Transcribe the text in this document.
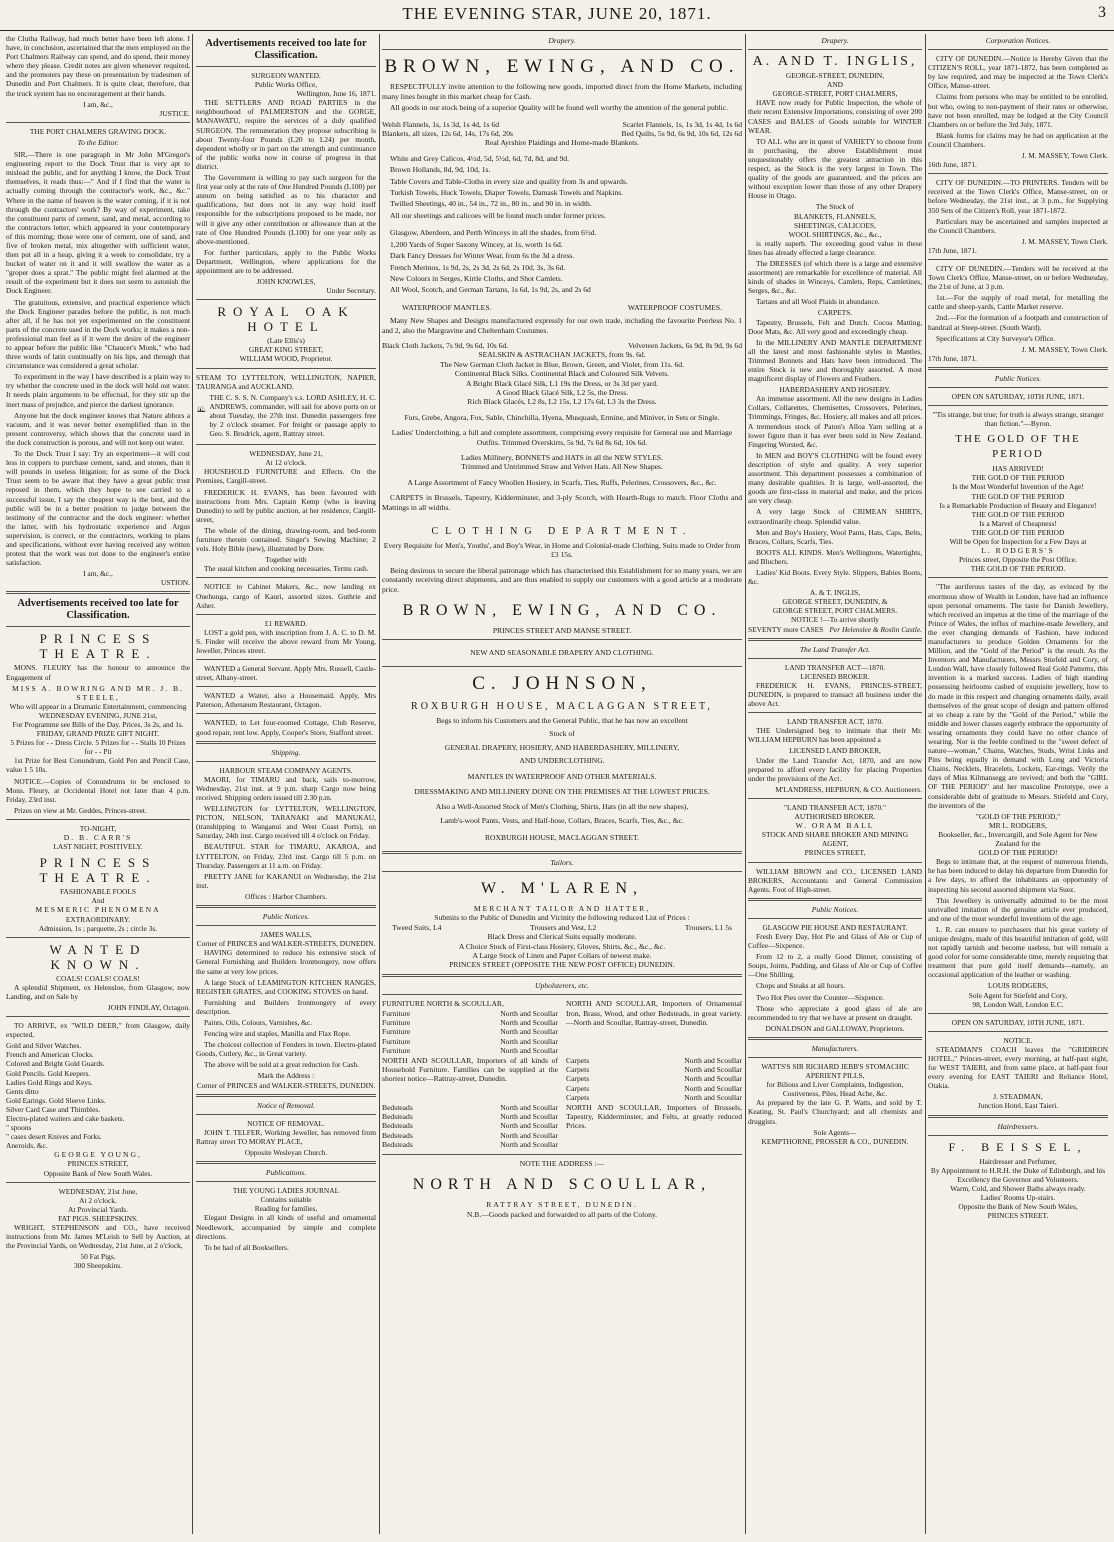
THE EVENING STAR, JUNE 20, 1871.	3

the Clutha Railway, had much better have been left alone. I have, in conclusion, ascertained that the men employed on the Port Chalmers Railway can spend, and do spend, their money where they please. Credit notes are given whenever required, and the promoters pay these on presentation by tradesmen of Dunedin and Port Chalmers. It is quite clear, therefore, that the truck system has no encouragement at their hands.

I am, &c.,
JUSTICE.
THE PORT CHALMERS GRAVING DOCK.
To the Editor.

SIR,—There is one paragraph in Mr John M'Gregor's engineering report to the Dock Trust that is very apt to mislead the public, and for anything I know, the Dock Trust themselves, it reads thus:—" And if I find that the water is actually coming through the contractor's work, &c., &c." Where in the name of heaven is the water coming, if it is not through the contractors' work? By way of experiment, take the constituent parts of cement, sand, and metal, according to the contractors letter, which appeared in your contemporary of this morning; those were one of cement, one of sand, and five of broken metal, mix altogether with sufficient water, then put all in a heap, giving it a week to consolidate, try a bucket of water on it and it will swallow the water as a "groper does a sprat." The public might feel alarmed at the result of the experiment but it does not seem to astonish the Dock Engineer.

The gratuitous, extensive, and practical experience which the Dock Engineer parades before the public, is not much after all, if he has not yet experimented on the constituent parts of the concrete used in the Dock works; it makes a non-professional man feel as if it were the desire of the engineer to appear before the public like "Chaucer's Monk," who had three words of latin continually on his lips, and through that circumstance was considered a great scholar.

To experiment in the way I have described is a plain way to try whether the concrete used in the dock will hold out water. It needs plain arguments to be effectual, for they stir up the inert mass of prejudice, and pierce the darkest ignorance.

Anyone but the dock engineer knows that Nature abhors a vacuum, and it was never better exemplified than in the present controversy, which shows that the concrete used in the dock construction is porous, and will not keep out water.

To the Dock Trust I say: Try an experiment—it will cost less in coppers to purchase cement, sand, and stones, than it will pounds in useless litigation; for as some of the Dock Trust seem to be aware that they have a great public trust reposed in them, which they hope to see carried to a successful issue, I say the cheapest way is the best, and the public will be in a better position to judge between the testimony of the contractor and the dock engineer: whether the latter, with his hydrostatic experience and Argus supervision, is correct, or the contractors, working to plans and specifications, without ever having received any written protest that the work was not done to the engineer's entire satisfaction.

I am, &c.,
USTION.
Advertisements received too late for Classification.
PRINCESS THEATRE.

MONS. FLEURY has the honour to announce the Engagement of

MISS A. BOWRING AND MR. J. B. STEELE,
Who will appear in a Dramatic Entertainment, commencing
WEDNESDAY EVENING, JUNE 21st,
For Programme see Bills of the Day. Prices, 3s 2s, and 1s.
FRIDAY, GRAND PRIZE GIFT NIGHT.
5 Prizes for - - Dress Circle. 5 Prizes for - - Stalls 10 Prizes for - - Pit

1st Prize for Best Conundrum, Gold Pen and Pencil Case, value 1 5 10s.

NOTICE.—Copies of Conundrums to be enclosed to Mons. Fleury, at Occidental Hotel not later than 4 p.m. Friday, 23rd inst.

Prizes on view at Mr. Geddes, Princes-street.

TO-NIGHT,
D. B. CARR'S
LAST NIGHT, POSITIVELY.
PRINCESS THEATRE.
FASHIONABLE FOOLS
And
MESMERIC PHENOMENA
EXTRAORDINARY.
Admission, 1s ; parquette, 2s ; circle 3s.
WANTED KNOWN.
COALS! COALS! COALS!

A splendid Shipment, ex Helensloe, from Glasgow, now Landing, and on Sale by

JOHN FINDLAY, Octagon.

TO ARRIVE, ex "WILD DEER," from Glasgow, daily expected,

Gold and Silver Watches.
French and American Clocks.
Colored and Bright Gold Guards.
Gold Pencils. Gold Keepers.
Ladies Gold Rings and Keys.
Gents ditto
Gold Earings. Gold Sleeve Links.
Silver Card Case and Thimbles.
Electro-plated waiters and cake baskets.
" spoons
" cases desert Knives and Forks.
Aneroids, &c.
GEORGE YOUNG,
PRINCES STREET,
Opposite Bank of New South Wales.
WEDNESDAY, 21st June,
At 2 o'clock.
At Provincial Yards.
FAT PIGS. SHEEPSKINS.

WRIGHT, STEPHENSON and CO., have received instructions from Mr. James M'Leish to Sell by Auction, at the Provincial Yards, on Wednesday, 21st June, at 2 o'clock,

50 Fat Pigs.
300 Sheepskins.
Advertisements received too late for Classification.
SURGEON WANTED.
Public Works Office,
Wellington, June 16, 1871.

THE SETTLERS AND ROAD PARTIES in the neighbourhood of PALMERSTON and the GORGE, MANAWATU, require the services of a duly qualified SURGEON. The remuneration they propose subscribing is about Twenty-four Pounds (L20 to L24) per month, dependent wholly or in part on the strength and continuance of the public works now in course of progress in that district.

The Government is willing to pay such surgeon for the first year only at the rate of One Hundred Pounds (L100) per annum on being satisfied as to his character and qualifications, but does not in any way hold itself responsible for the subscriptions proposed to be made, nor will it give any other contribution or allowance than at the rate of One Hundred Pounds (L100) for one year only as above-mentioned.

For further particulars, apply to the Public Works Department, Wellington, where applications for the appointment are to be addressed.

JOHN KNOWLES,
Under Secretary.
ROYAL OAK HOTEL
(Late Ellis's)
GREAT KING STREET,
WILLIAM WOOD, Proprietor.

STEAM TO LYTTELTON, WELLINGTON, NAPIER, TAURANGA and AUCKLAND.

THE C. S. S. N. Company's s.s. LORD ASHLEY, H. C. ANDREWS, commander, will sail for above ports on or about Tuesday, the 27th inst. Dunedin passengers free by 2 o'clock steamer. For freight or passage apply to Geo. S. Brodrick, agent, Rattray street.

WEDNESDAY, June 21,
At 12 o'clock.

HOUSEHOLD FURNITURE and Effects. On the Premises, Cargill-street.

FREDERICK H. EVANS, has been favoured with instructions from Mrs. Captain Kemp (who is leaving Dunedin) to sell by public auction, at her residence, Cargill-street,

The whole of the dining, drawing-room, and bed-room furniture therein contained. Singer's Sewing Machine; 2 vols. Holy Bible (new), illustrated by Dore.

Together with

The usual kitchen and cooking necessaries. Terms cash.

NOTICE to Cabinet Makers, &c., now landing ex Onehunga, cargo of Kauri, assorted sizes. Guthrie and Asher.

£1 REWARD.

LOST a gold pen, with inscription from J. A. C. to D. M. S. Finder will receive the above reward from Mr Young, Jeweller, Princes street.

WANTED a General Servant. Apply Mrs. Russell, Castle-street, Albany-street.

WANTED a Waiter, also a Housemaid. Apply, Mrs Paterson, Athenæum Restaurant, Octagon.

WANTED, to Let four-roomed Cottage, Club Reserve, good repair, rent low. Apply, Cooper's Store, Stafford street.

Shipping.
HARBOUR STEAM COMPANY AGENTS.

MAORI, for TIMARU and back, sails to-morrow, Wednesday, 21st inst. at 9 p.m. sharp Cargo now being received. Shipping orders issued till 2.30 p.m.

WELLINGTON for LYTTELTON, WELLINGTON, PICTON, NELSON, TARANAKI and MANUKAU, (transhipping to Wanganui and West Coast Ports), on Saturday, 24th inst. Cargo received till 4 o'clock on Friday.

BEAUTIFUL STAR for TIMARU, AKAROA, and LYTTELTON, on Friday, 23rd inst. Cargo till 5 p.m. on Thursday. Passengers at 11 a.m. on Friday.

PRETTY JANE for KAKANUI on Wednesday, the 21st inst.

Offices : Harbor Chambers.
Public Notices.
JAMES WALLS,
Corner of PRINCES and WALKER-STREETS, DUNEDIN.

HAVING determined to reduce his extensive stock of General Furnishing and Builders Ironmongery, now offers the same at very low prices.

A large Stock of LEAMINGTON KITCHEN RANGES, REGISTER GRATES, and COOKING STOVES on hand.

Furnishing and Builders Ironmongery of every description.

Paints, Oils, Colours, Varnishes, &c.

Fencing wire and staples, Manilla and Flax Rope.

The choicest collection of Fenders in town. Electro-plated Goods, Cutlery, &c., in Great variety.

The above will be sold at a great reduction for Cash.

Mark the Address :
Corner of PRINCES and WALKER-STREETS, DUNEDIN.
Notice of Removal.
NOTICE OF REMOVAL.

JOHN T. TELFER, Working Jeweller, has removed from Rattray street TO MORAY PLACE,

Opposite Wesleyan Church.
Publications.
THE YOUNG LADIES JOURNAL
Contains suitable
Reading for families,

Elegant Designs in all kinds of useful and ornamental Needlework, accompanied by simple and complete directions.

To be had of all Booksellers.

Drapery.
BROWN, EWING, AND CO.

RESPECTFULLY invite attention to the following new goods, imported direct from the Home Markets, including many lines bought in this market cheap for Cash.

All goods in our stock being of a superior Quality will be found well worthy the attention of the general public.

Welsh Flannels, 1s, 1s 3d, 1s 4d, 1s 6d	Scarlet Flannels, 1s, 1s 3d, 1s 4d, 1s 6d
Blankets, all sizes, 12s 6d, 14s, 17s 6d, 20s	Bed Quilts, 5s 9d, 6s 9d, 10s 6d, 12s 6d
Real Ayrshire Plaidings and Home-made Blankets.

White and Grey Calicos, 4½d, 5d, 5½d, 6d, 7d, 8d, and 9d.

Brown Hollands, 8d, 9d, 10d, 1s.

Table Covers and Table-Cloths in every size and quality from 3s and upwards.

Turkish Towels, Huck Towels, Diaper Towels, Damask Towels and Napkins.

Twilled Sheetings, 40 in., 54 in., 72 in., 80 in., and 90 in. in width.

All our sheetings and calicoes will be found much under former prices.

Glasgow, Aberdeen, and Perth Winceys in all the shades, from 6½d.

1,200 Yards of Super Saxony Wincey, at 1s, worth 1s 6d.

Dark Fancy Dresses for Winter Wear, from 6s the 3d a dress.

French Merinos, 1s 9d, 2s, 2s 3d, 2s 6d, 2s 10d, 3s, 3s 6d.

New Colours in Serges, Kirtle Cloths, and Shot Camlets.

All Wool, Scotch, and German Tartans, 1s 6d, 1s 9d, 2s, and 2s 6d

WATERPROOF MANTLES.	WATERPROOF COSTUMES.

Many New Shapes and Designs manufactured expressly for our own trade, including the favourite Peerless No. 1 and 2, also the Margravine and Cheltenham Costumes.

Black Cloth Jackets, 7s 9d, 9s 6d, 10s 6d.	Velveteen Jackets, 6s 9d, 8s 9d, 9s 6d
SEALSKIN & ASTRACHAN JACKETS, from 9s. 6d.
The New German Cloth Jacket in Blue, Brown, Green, and Violet, from 11s. 6d.
Continental Black Silks. Continental Black and Coloured Silk Velvets.
A Bright Black Glacé Silk, L1 19s the Dress, or 3s 3d per yard.
A Good Black Glacé Silk, L2 5s, the Dress.
Rich Black Glacés, L2 8s, L2 15s, L2 17s 6d, L3 3s the Dress.
Furs, Grebe, Angora, Fox, Sable, Chinchilla, Hyena, Musquash, Ermine, and Miniver, in Sets or Single.
Ladies' Underclothing, a full and complete assortment, comprising every requisite for General use and Marriage Outfits. Trimmed Overskirts, 5s 9d, 7s 6d 8s 6d, 10s 6d.
Ladies Millinery, BONNETS and HATS in all the NEW STYLES.
Trimmed and Untrimmed Straw and Velvet Hats. All New Shapes.
A Large Assortment of Fancy Woollen Hosiery, in Scarfs, Ties, Ruffs, Pelerines, Crossovers, &c., &c.

CARPETS in Brussels, Tapestry, Kidderminster, and 3-ply Scotch, with Hearth-Rugs to match. Floor Cloths and Mattings in all widths.

CLOTHING DEPARTMENT.
Every Requisite for Men's, Youths', and Boy's Wear, in Home and Colonial-made Clothing, Suits made to Order from £3 15s.

Being desirous to secure the liberal patronage which has characterised this Establishment for so many years, we are constantly receiving direct shipments, and are thus enabled to supply our customers with a good article at a moderate price.

BROWN, EWING, AND CO.
PRINCES STREET AND MANSE STREET.
NEW AND SEASONABLE DRAPERY AND CLOTHING.
C. JOHNSON,
ROXBURGH HOUSE, MACLAGGAN STREET,
Begs to inform his Customers and the General Public, that he has now an excellent
Stock of
GENERAL DRAPERY, HOSIERY, AND HABERDASHERY, MILLINERY,
AND UNDERCLOTHING.
MANTLES IN WATERPROOF AND OTHER MATERIALS.
DRESSMAKING AND MILLINERY DONE ON THE PREMISES AT THE LOWEST PRICES.
Also a Well-Assorted Stock of Men's Clothing, Shirts, Hats (in all the new shapes),
Lamb's-wool Pants, Vests, and Half-hose, Collars, Braces, Scarfs, Ties, &c., &c.
ROXBURGH HOUSE, MACLAGGAN STREET.
Tailors.
W. M'LAREN,
MERCHANT TAILOR AND HATTER,
Submits to the Public of Dunedin and Vicinity the following reduced List of Prices :
Tweed Suits, L4	Trousers and Vest, L2	Trousers, L1 5s
Black Dress and Clerical Suits equally moderate.
A Choice Stock of First-class Hosiery, Gloves, Shirts, &c., &c., &c.
A Large Stock of Linen and Paper Collars of newest make.
PRINCES STREET (OPPOSITE THE NEW POST OFFICE) DUNEDIN.
Upholsterers, etc.
FURNITURE NORTH & SCOULLAR,
Furniture	North and Scoullar
Furniture	North and Scoullar
Furniture	North and Scoullar
Furniture	North and Scoullar
Furniture	North and Scoullar

NORTH AND SCOULLAR, Importers of Ornamental Iron, Brass, Wood, and other Bedsteads, in great variety.—North and Scoullar, Rattray-street, Dunedin.

NORTH AND SCOULLAR, Importers of all kinds of Household Furniture. Families can be supplied at the shortest notice—Rattray-street, Dunedin.

Carpets	North and Scoullar
Carpets	North and Scoullar
Carpets	North and Scoullar
Carpets	North and Scoullar
Carpets	North and Scoullar
Bedsteads	North and Scoullar
Bedsteads	North and Scoullar
Bedsteads	North and Scoullar
Bedsteads	North and Scoullar
Bedsteads	North and Scoullar

NORTH AND SCOULLAR, Importers of Brussels, Tapestry, Kidderminster, and Felts, at greatly reduced Prices.

NOTE THE ADDRESS :—
NORTH AND SCOULLAR,
RATTRAY STREET, DUNEDIN.
N.B.—Goods packed and forwarded to all parts of the Colony.
Drapery.
A. AND T. INGLIS,
GEORGE-STREET, DUNEDIN,
AND
GEORGE-STREET, PORT CHALMERS,

HAVE now ready for Public Inspection, the whole of their recent Extensive Importations, consisting of over 200 CASES and BALES of Goods suitable for WINTER WEAR.

TO ALL who are in quest of VARIETY to choose from in purchasing, the above Establishment must unquestionably offers the greatest attraction in this respect, as the Stock is the very largest in Town. The quality of the goods are guaranteed, and the prices are without exception lower than those of any other Drapery House in Otago.

The Stock of
BLANKETS, FLANNELS,
SHEETINGS, CALICOES,
WOOL SHIRTINGS, &c., &c.,

is really superb. The exceeding good value in these lines has already effected a large clearance.

The DRESSES (of which there is a large and extensive assortment) are remarkable for excellence of material. All kinds of shades in Winceys, Camlets, Reps, Camletines, Serges, &c., &c.

Tartans and all Wool Plaids in abundance.

CARPETS.

Tapestry, Brussels, Felt and Dutch. Cocoa Matting, Door Mats, &c. All very good and exceedingly cheap.

In the MILLINERY AND MANTLE DEPARTMENT all the latest and most fashionable styles in Mantles, Trimmed Bonnets and Hats have been introduced. The entire Stock is new and thoroughly assorted. A most magnificent display of Flowers and Feathers.

HABERDASHERY AND HOSIERY.

An immense assortment. All the new designs in Ladies Collars, Collarettes, Chemisettes, Crossovers, Pelerines, Trimmings, Fringes, &c. Hosiery, all makes and all prices. A tremendous stock of Paton's Alloa Yarn selling at a lower figure than it has ever been sold in New Zealand. Fingering Worsted, &c.

In MEN and BOY'S CLOTHING will be found every description of style and quality. A very superior assortment. This department possesses a combination of many desirable qualities. It is large, well-assorted, the goods are first-class in material and make, and the prices are very cheap.

A very large Stock of CRIMEAN SHIRTS, extraordinarily cheap. Splendid value.

Men and Boy's Hosiery, Wool Pants, Hats, Caps, Belts, Braces, Collars, Scarfs, Ties.

BOOTS ALL KINDS. Men's Wellingtons, Watertights, and Bluchers.

Ladies' Kid Boots. Every Style. Slippers, Babies Boots, &c.

A. & T. INGLIS,
GEORGE STREET, DUNEDIN, &
GEORGE STREET, PORT CHALMERS.
NOTICE !—To arrive shortly
SEVENTY more CASES Per Helenslee & Roslin Castle.
The Land Transfer Act.
LAND TRANSFER ACT—1870.
LICENSED BROKER.

FREDERICK H. EVANS, PRINCES-STREET, DUNEDIN, is prepared to transact all business under the above Act.

LAND TRANSFER ACT, 1870.

THE Undersigned beg to intimate that their Mr. WILLIAM HEPBURN has been appointed a

LICENSED LAND BROKER,

Under the Land Transfer Act, 1870, and are now prepared to afford every facility for placing Properties under the provisions of the Act.

M'LANDRESS, HEPBURN, & CO. Auctioneers.
"LAND TRANSFER ACT, 1870."
AUTHORISED BROKER.
W. ORAM BALL
STOCK AND SHARE BROKER AND MINING AGENT,
PRINCES STREET,

WILLIAM BROWN and CO., LICENSED LAND BROKERS, Accountants and General Commission Agents. Foot of High-street.

Public Notices.
GLASGOW PIE HOUSE AND RESTAURANT.

Fresh Every Day, Hot Pie and Glass of Ale or Cup of Coffee—Sixpence.

From 12 to 2, a really Good Dinner, consisting of Soups, Joints, Pudding, and Glass of Ale or Cup of Coffee—One Shilling.

Chops and Steaks at all hours.

Two Hot Pies over the Counter—Sixpence.

Those who appreciate a good glass of ale are recommended to try that we have at present on draught.

DONALDSON and GALLOWAY, Proprietors.
Manufacturers.
WATTS'S SIR RICHARD JEBB'S STOMACHIC APERIENT PILLS,
for Bilious and Liver Complaints, Indigestion, Costiveness, Piles, Head Ache, &c.

As prepared by the late G. P. Watts, and sold by T. Keating, St. Paul's Churchyard; and all chemists and druggists.

Sole Agents—
KEMPTHORNE, PROSSER & CO., DUNEDIN.
Corporation Notices.

CITY OF DUNEDIN.—Notice is Hereby Given that the CITIZEN'S ROLL, year 1871-1872, has been completed as by law required, and may be inspected at the Town Clerk's Office, Manse-street.

Claims from persons who may be entitled to be enrolled, but who, owing to non-payment of their rates or otherwise, have not been enrolled, may be lodged at the City Council Chambers on or before the 3rd July, 1871.

Blank forms for claims may be had on application at the Council Chambers.

J. M. MASSEY, Town Clerk.
16th June, 1871.

CITY OF DUNEDIN.—TO PRINTERS. Tenders will be received at the Town Clerk's Office, Manse-street, on or before Wednesday, the 21st inst., at 3 p.m., for Supplying 350 Sets of the Citizen's Roll, year 1871-1872.

Particulars may be ascertained and samples inspected at the Council Chambers.

J. M. MASSEY, Town Clerk.
17th June, 1871.

CITY OF DUNEDIN.—Tenders will be received at the Town Clerk's Office, Manse-street, on or before Wednesday, the 21st of June, at 3 p.m.

1st.—For the supply of road metal, for metalling the cattle and sheep-yards, Cattle Market reserve.

2nd.—For the formation of a footpath and construction of handrail at Steep-street. (South Ward).

Specifications at City Surveyor's Office.

J. M. MASSEY, Town Clerk.
17th June, 1871.
Public Notices.
OPEN ON SATURDAY, 10TH JUNE, 1871.
"'Tis strange, but true; for truth is always strange, stranger than fiction."—Byron.
THE GOLD OF THE PERIOD
HAS ARRIVED!
THE GOLD OF THE PERIOD
Is the Most Wonderful Invention of the Age!
THE GOLD OF THE PERIOD
Is a Remarkable Production of Beauty and Elegance!
THE GOLD OF THE PERIOD
Is a Marvel of Cheapness!
THE GOLD OF THE PERIOD
Will be Open for Inspection for a Few Days at
L. RODGERS'S
Princes street, Opposite the Post Office.
THE GOLD OF THE PERIOD.

"The auriferous tastes of the day, as evinced by the enormous show of Wealth in London, have had an influence upon personal ornaments. The taste for Danish Jewellery, which received an impetus at the time of the marriage of the Prince of Wales, the influx of machine-made Jewellery, and the ever changing demands of Fashion, have induced manufacturers to produce Golden Ornaments for the Million, and the "Gold of the Period" is the result. As the Inventors and Manufacturers, Messrs Stiefeld and Cory, of London Wall, have closely followed Real Gold Patterns, this invention is a marked success. Ladies of high standing possessing heirlooms cashed of exquisite jewellery, how to do made in this respect and changing ornaments daily, avail themselves of the great scope of design and pattern offered at so cheap a rate by the "Gold of the Period," while the middle and lower classes eagerly embrace the opportunity of wearing ornaments they could have no other chance of wearing. Nor is the feeble confined to the "sweet defect of nature—woman," Chains, Watches, Studs, Wrist Links and Pins being equally in demand with Long and Victoria Chains, Necklets, Bracelets, Lockets, Ear-rings. Verily the days of Miss Kilmansegg are revived; and both the "GIRL OF THE PERIOD" and her masculine Prototype, owe a considerable debt of gratitude to Messrs. Stiefeld and Cory, the inventors of the

"GOLD OF THE PERIOD,"
MR L. RODGERS,
Bookseller, &c., Invercargill, and Sole Agent for New Zealand for the
GOLD OF THE PERIOD!

Begs to intimate that, at the request of numerous friends, he has been induced to delay his departure from Dunedin for a few days, to afford the inhabitants an opportunity of inspecting his second assorted shipment via Suez.

This Jewellery is universally admitted to be the most unrivalled imitation of the genuine article ever produced, and one of the most wonderful inventions of the age.

L. R. can ensure to purchasers that his great variety of unique designs, made of this beautiful imitation of gold, will not rapidly tarnish and become useless, but will remain a good color for some considerable time, merely requiring that treatment that pure gold itself demands—namely, an occasional application of the leather or washing.

LOUIS RODGERS,
Sole Agent for Stiefeld and Cory,
98, London Wall, London E.C.
OPEN ON SATURDAY, 10TH JUNE, 1871.
NOTICE.

STEADMAN'S COACH leaves the "GRIDIRON HOTEL," Princes-street, every morning, at half-past eight, for WEST TAIERI, and from same place, at half-past four every evening for EAST TAIERI and Reliance Hotel, Otakia.

J. STEADMAN,
Junction Hotel, East Taieri.
Hairdressers.
F. BEISSEL,
Hairdresser and Perfumer,
By Appointment to H.R.H. the Duke of Edinburgh, and his Excellency the Governor and Volunteers.
Warm, Cold, and Shower Baths always ready.
Ladies' Rooms Up-stairs.
Opposite the Bank of New South Wales,
PRINCES STREET.
